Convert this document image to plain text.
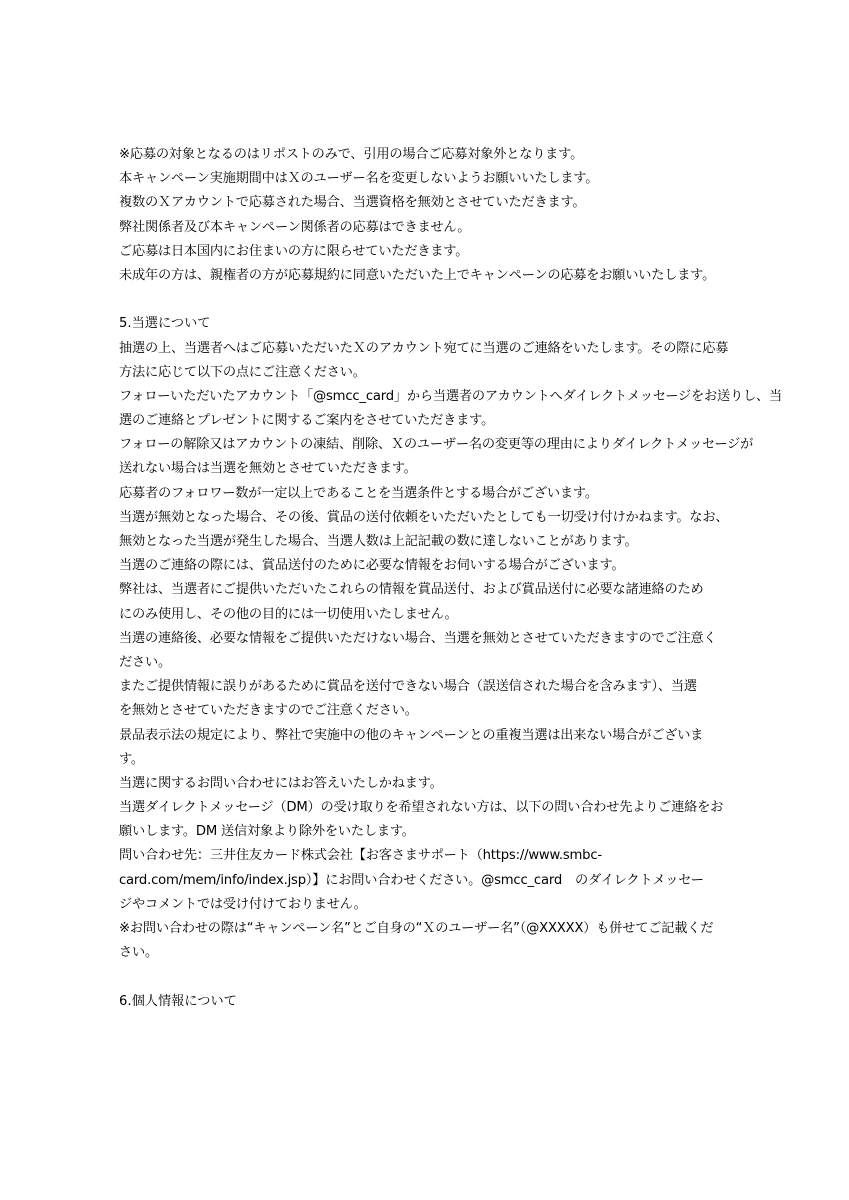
※応募の対象となるのはリポストのみで、引用の場合ご応募対象外となります。
本キャンペーン実施期間中はＸのユーザー名を変更しないようお願いいたします。
複数のＸアカウントで応募された場合、当選資格を無効とさせていただきます。
弊社関係者及び本キャンペーン関係者の応募はできません。
ご応募は日本国内にお住まいの方に限らせていただきます。
未成年の方は、親権者の方が応募規約に同意いただいた上でキャンペーンの応募をお願いいたします。
5.当選について
抽選の上、当選者へはご応募いただいたＸのアカウント宛てに当選のご連絡をいたします。その際に応募
方法に応じて以下の点にご注意ください。
フォローいただいたアカウント「@smcc_card」から当選者のアカウントへダイレクトメッセージをお送りし、当
選のご連絡とプレゼントに関するご案内をさせていただきます。
フォローの解除又はアカウントの凍結、削除、Ｘのユーザー名の変更等の理由によりダイレクトメッセージが
送れない場合は当選を無効とさせていただきます。
応募者のフォロワー数が一定以上であることを当選条件とする場合がございます。
当選が無効となった場合、その後、賞品の送付依頼をいただいたとしても一切受け付けかねます。なお、
無効となった当選が発生した場合、当選人数は上記記載の数に達しないことがあります。
当選のご連絡の際には、賞品送付のために必要な情報をお伺いする場合がございます。
弊社は、当選者にご提供いただいたこれらの情報を賞品送付、および賞品送付に必要な諸連絡のため
にのみ使用し、その他の目的には一切使用いたしません。
当選の連絡後、必要な情報をご提供いただけない場合、当選を無効とさせていただきますのでご注意く
ださい。
またご提供情報に誤りがあるために賞品を送付できない場合（誤送信された場合を含みます）、当選
を無効とさせていただきますのでご注意ください。
景品表示法の規定により、弊社で実施中の他のキャンペーンとの重複当選は出来ない場合がございま
す。
当選に関するお問い合わせにはお答えいたしかねます。
当選ダイレクトメッセージ（DM）の受け取りを希望されない方は、以下の問い合わせ先よりご連絡をお
願いします。DM 送信対象より除外をいたします。
問い合わせ先：三井住友カード株式会社【お客さまサポート（https://www.smbc-
card.com/mem/info/index.jsp）】にお問い合わせください。@smcc_card　のダイレクトメッセー
ジやコメントでは受け付けておりません。
※お問い合わせの際は“キャンペーン名”とご自身の“Ｘのユーザー名”（@XXXXX）も併せてご記載くだ
さい。
6.個人情報について
